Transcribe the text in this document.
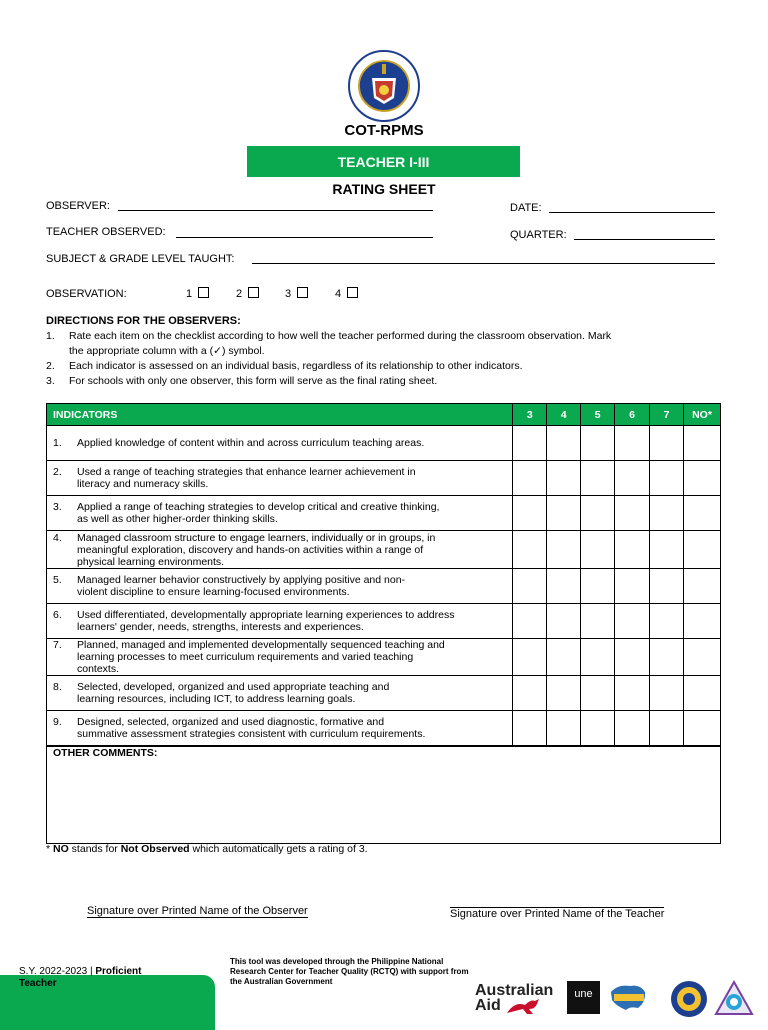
COT-RPMS
TEACHER I-III
RATING SHEET
OBSERVER:	DATE:
TEACHER OBSERVED:	QUARTER:
SUBJECT & GRADE LEVEL TAUGHT:
OBSERVATION:	1	2	3	4
DIRECTIONS FOR THE OBSERVERS:
1. Rate each item on the checklist according to how well the teacher performed during the classroom observation. Mark
the appropriate column with a (✓) symbol.
2. Each indicator is assessed on an individual basis, regardless of its relationship to other indicators.
3. For schools with only one observer, this form will serve as the final rating sheet.
INDICATORS	3	4	5	6	7	NO*

1. Applied knowledge of content within and across curriculum teaching areas.						

2. Used a range of teaching strategies that enhance learner achievement in
literacy and numeracy skills.						

3. Applied a range of teaching strategies to develop critical and creative thinking,
as well as other higher-order thinking skills.						

4. Managed classroom structure to engage learners, individually or in groups, in
meaningful exploration, discovery and hands-on activities within a range of
physical learning environments.						

5. Managed learner behavior constructively by applying positive and non-
violent discipline to ensure learning-focused environments.						

6. Used differentiated, developmentally appropriate learning experiences to address
learners' gender, needs, strengths, interests and experiences.						

7. Planned, managed and implemented developmentally sequenced teaching and
learning processes to meet curriculum requirements and varied teaching
contexts.						

8. Selected, developed, organized and used appropriate teaching and
learning resources, including ICT, to address learning goals.						

9. Designed, selected, organized and used diagnostic, formative and
summative assessment strategies consistent with curriculum requirements.						

OTHER COMMENTS:
* NO stands for Not Observed which automatically gets a rating of 3.
Signature over Printed Name of the Observer	Signature over Printed Name of the Teacher
S.Y. 2022-2023 | Proficient Teacher
This tool was developed through the Philippine National Research Center for Teacher Quality (RCTQ) with support from the Australian Government
Australian
Aid
une
